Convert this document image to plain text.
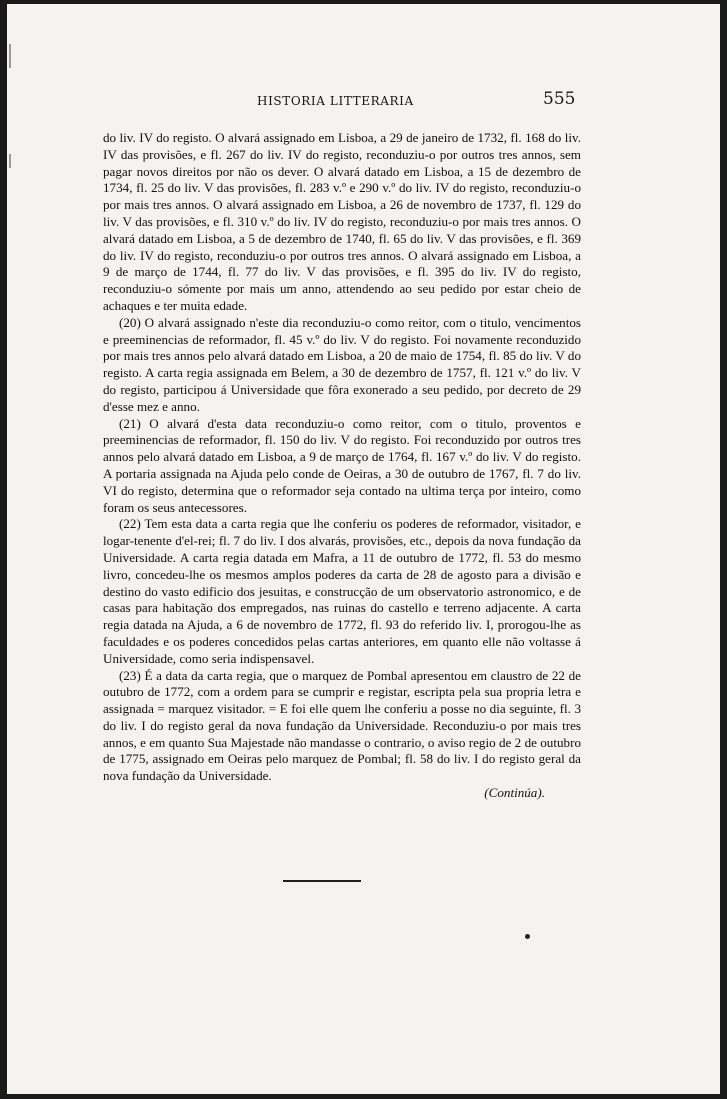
HISTORIA LITTERARIA	555

do liv. IV do registo. O alvará assignado em Lisboa, a 29 de janeiro de 1732, fl. 168 do liv. IV das provisões, e fl. 267 do liv. IV do registo, reconduziu-o por outros tres annos, sem pagar novos direitos por não os dever. O alvará datado em Lisboa, a 15 de dezembro de 1734, fl. 25 do liv. V das provisões, fl. 283 v.º e 290 v.º do liv. IV do registo, reconduziu-o por mais tres annos. O alvará assignado em Lisboa, a 26 de novembro de 1737, fl. 129 do liv. V das provisões, e fl. 310 v.º do liv. IV do registo, reconduziu-o por mais tres annos. O alvará datado em Lisboa, a 5 de dezembro de 1740, fl. 65 do liv. V das provisões, e fl. 369 do liv. IV do registo, reconduziu-o por outros tres annos. O alvará assignado em Lisboa, a 9 de março de 1744, fl. 77 do liv. V das provisões, e fl. 395 do liv. IV do registo, reconduziu-o sómente por mais um anno, attendendo ao seu pedido por estar cheio de achaques e ter muita edade.

(20) O alvará assignado n'este dia reconduziu-o como reitor, com o titulo, vencimentos e preeminencias de reformador, fl. 45 v.º do liv. V do registo. Foi novamente reconduzido por mais tres annos pelo alvará datado em Lisboa, a 20 de maio de 1754, fl. 85 do liv. V do registo. A carta regia assignada em Belem, a 30 de dezembro de 1757, fl. 121 v.º do liv. V do registo, participou á Universidade que fôra exonerado a seu pedido, por decreto de 29 d'esse mez e anno.

(21) O alvará d'esta data reconduziu-o como reitor, com o titulo, proventos e preeminencias de reformador, fl. 150 do liv. V do registo. Foi reconduzido por outros tres annos pelo alvará datado em Lisboa, a 9 de março de 1764, fl. 167 v.º do liv. V do registo. A portaria assignada na Ajuda pelo conde de Oeiras, a 30 de outubro de 1767, fl. 7 do liv. VI do registo, determina que o reformador seja contado na ultima terça por inteiro, como foram os seus antecessores.

(22) Tem esta data a carta regia que lhe conferiu os poderes de reformador, visitador, e logar-tenente d'el-rei; fl. 7 do liv. I dos alvarás, provisões, etc., depois da nova fundação da Universidade. A carta regia datada em Mafra, a 11 de outubro de 1772, fl. 53 do mesmo livro, concedeu-lhe os mesmos amplos poderes da carta de 28 de agosto para a divisão e destino do vasto edificio dos jesuitas, e construcção de um observatorio astronomico, e de casas para habitação dos empregados, nas ruinas do castello e terreno adjacente. A carta regia datada na Ajuda, a 6 de novembro de 1772, fl. 93 do referido liv. I, prorogou-lhe as faculdades e os poderes concedidos pelas cartas anteriores, em quanto elle não voltasse á Universidade, como seria indispensavel.

(23) É a data da carta regia, que o marquez de Pombal apresentou em claustro de 22 de outubro de 1772, com a ordem para se cumprir e registar, escripta pela sua propria letra e assignada = marquez visitador. = E foi elle quem lhe conferiu a posse no dia seguinte, fl. 3 do liv. I do registo geral da nova fundação da Universidade. Reconduziu-o por mais tres annos, e em quanto Sua Majestade não mandasse o contrario, o aviso regio de 2 de outubro de 1775, assignado em Oeiras pelo marquez de Pombal; fl. 58 do liv. I do registo geral da nova fundação da Universidade.

(Continúa).
